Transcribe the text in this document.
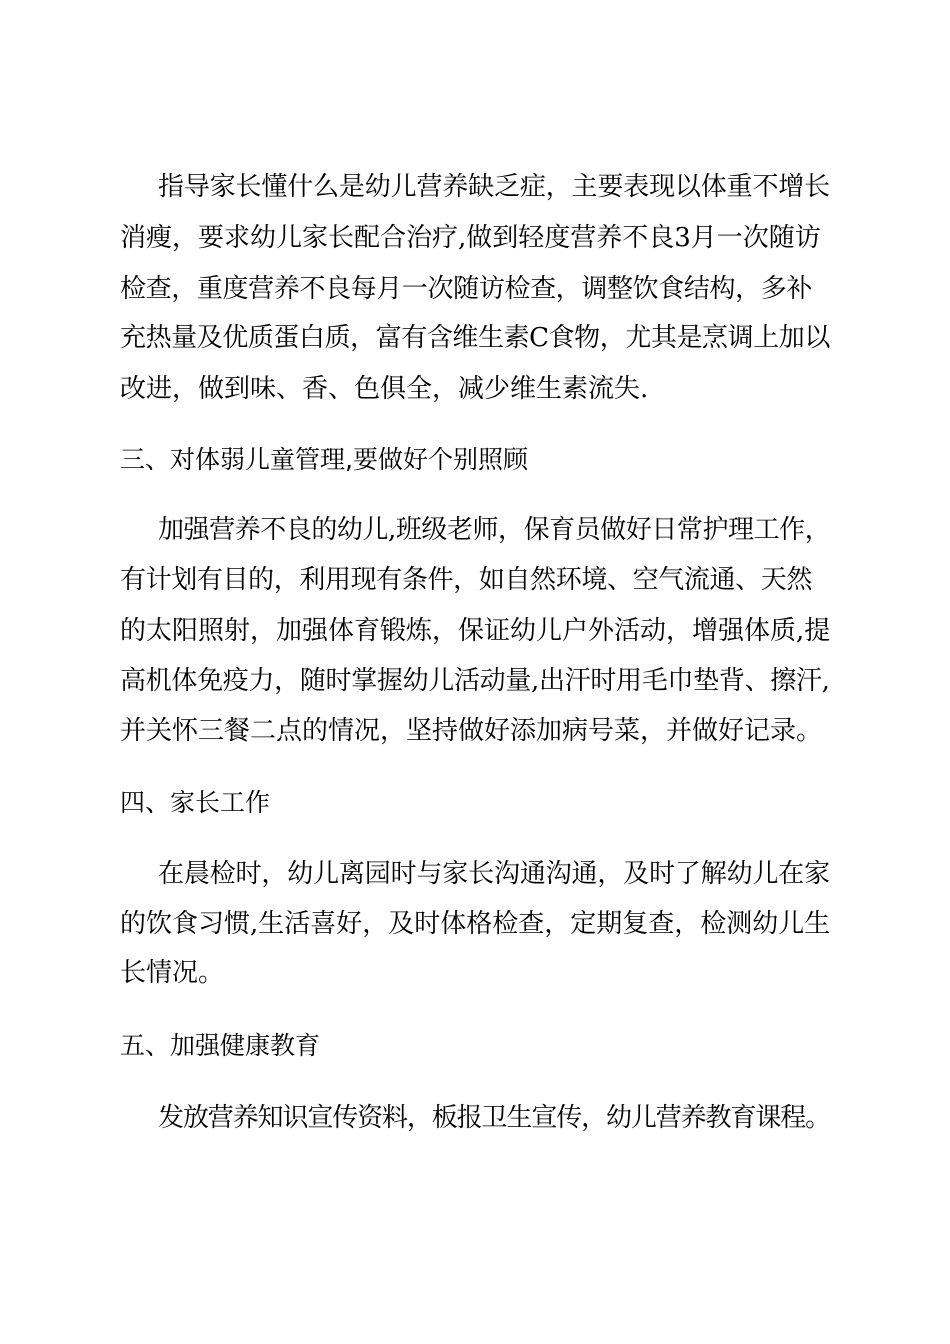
指导家长懂什么是幼儿营养缺乏症，主要表现以体重不增长
消瘦，要求幼儿家长配合治疗,做到轻度营养不良3月一次随访
检查，重度营养不良每月一次随访检查，调整饮食结构，多补
充热量及优质蛋白质，富有含维生素C食物，尤其是烹调上加以
改进，做到味、香、色俱全，减少维生素流失.
三、对体弱儿童管理,要做好个别照顾
加强营养不良的幼儿,班级老师，保育员做好日常护理工作，
有计划有目的，利用现有条件，如自然环境、空气流通、天然
的太阳照射，加强体育锻炼，保证幼儿户外活动，增强体质,提
高机体免疫力，随时掌握幼儿活动量,出汗时用毛巾垫背、擦汗,
并关怀三餐二点的情况，坚持做好添加病号菜，并做好记录。
四、家长工作
在晨检时，幼儿离园时与家长沟通沟通，及时了解幼儿在家
的饮食习惯,生活喜好，及时体格检查，定期复查，检测幼儿生
长情况。
五、加强健康教育
发放营养知识宣传资料，板报卫生宣传，幼儿营养教育课程。
